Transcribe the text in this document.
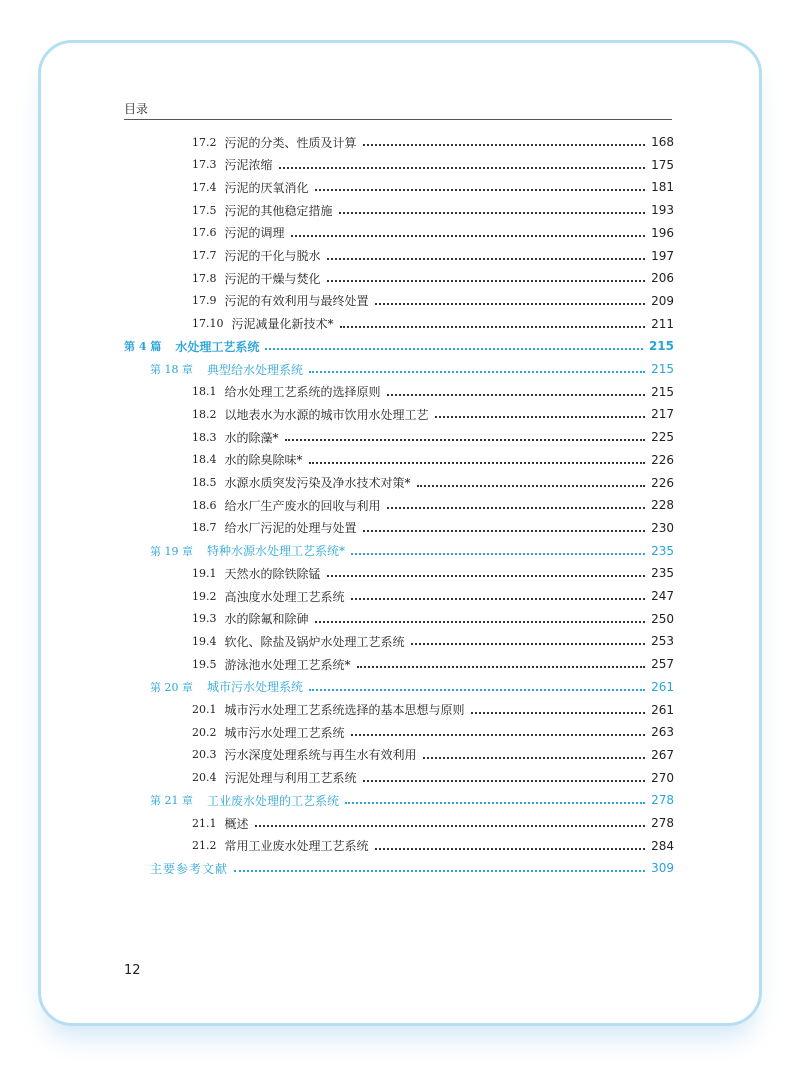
目录
17.2 污泥的分类、性质及计算	168
17.3 污泥浓缩	175
17.4 污泥的厌氧消化	181
17.5 污泥的其他稳定措施	193
17.6 污泥的调理	196
17.7 污泥的干化与脱水	197
17.8 污泥的干燥与焚化	206
17.9 污泥的有效利用与最终处置	209
17.10 污泥减量化新技术*	211
第 4 篇 水处理工艺系统	215
第 18 章 典型给水处理系统	215
18.1 给水处理工艺系统的选择原则	215
18.2 以地表水为水源的城市饮用水处理工艺	217
18.3 水的除藻*	225
18.4 水的除臭除味*	226
18.5 水源水质突发污染及净水技术对策*	226
18.6 给水厂生产废水的回收与利用	228
18.7 给水厂污泥的处理与处置	230
第 19 章 特种水源水处理工艺系统*	235
19.1 天然水的除铁除锰	235
19.2 高浊度水处理工艺系统	247
19.3 水的除氟和除砷	250
19.4 软化、除盐及锅炉水处理工艺系统	253
19.5 游泳池水处理工艺系统*	257
第 20 章 城市污水处理系统	261
20.1 城市污水处理工艺系统选择的基本思想与原则	261
20.2 城市污水处理工艺系统	263
20.3 污水深度处理系统与再生水有效利用	267
20.4 污泥处理与利用工艺系统	270
第 21 章 工业废水处理的工艺系统	278
21.1 概述	278
21.2 常用工业废水处理工艺系统	284
主要参考文献	309
12
